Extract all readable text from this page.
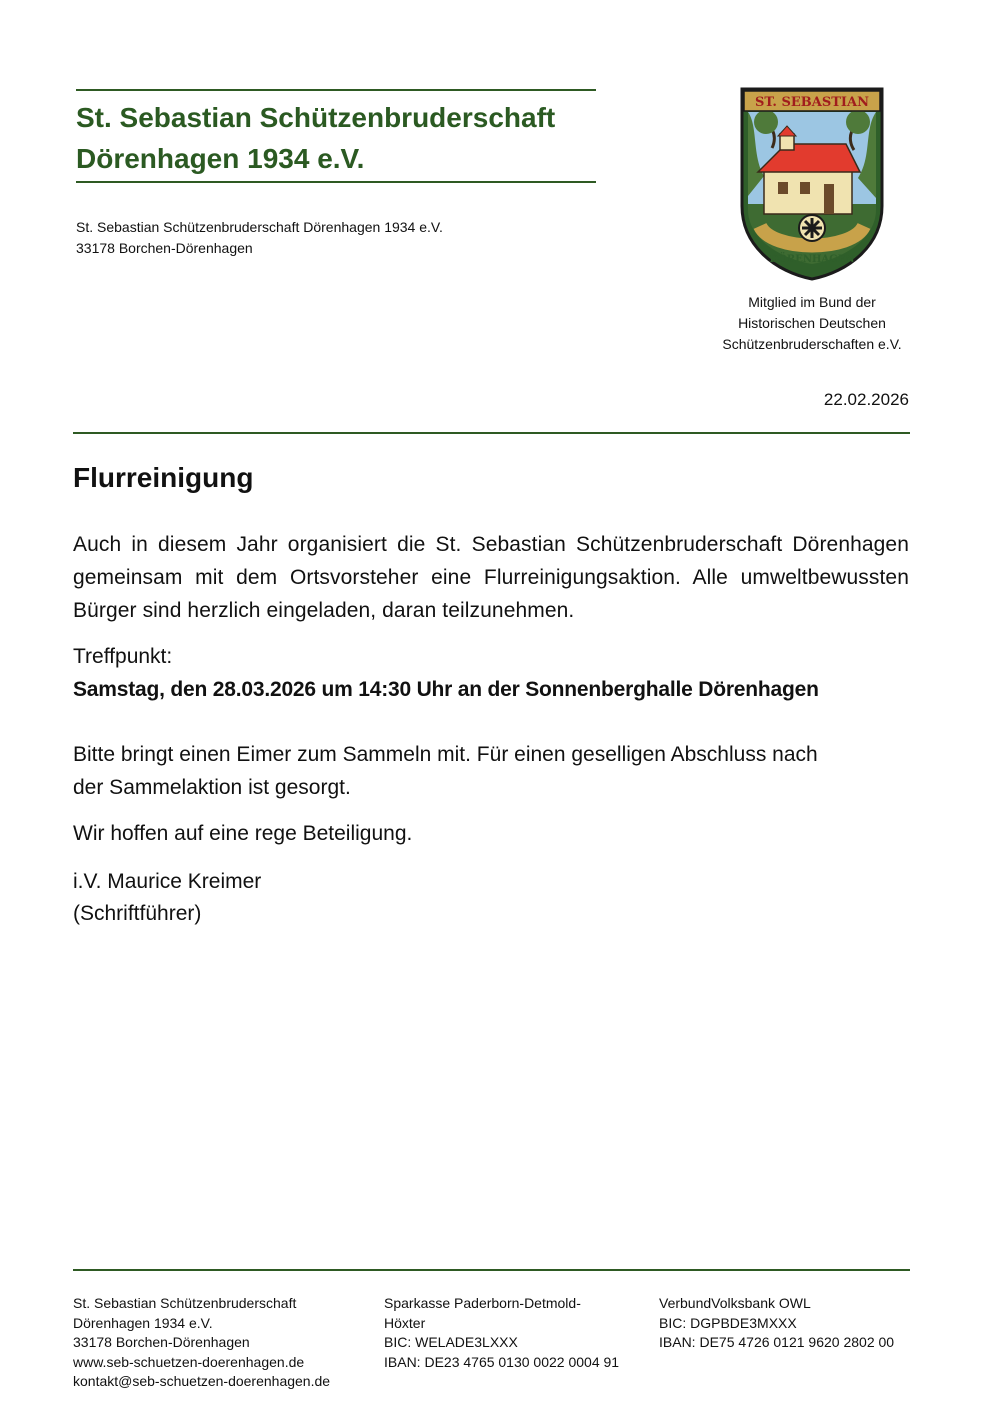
St. Sebastian Schützenbruderschaft
Dörenhagen 1934 e.V.
St. Sebastian Schützenbruderschaft Dörenhagen 1934 e.V.
33178 Borchen-Dörenhagen
ST. SEBASTIAN
DÖRENHAGEN
Mitglied im Bund der
Historischen Deutschen
Schützenbruderschaften e.V.
22.02.2026
Flurreinigung
Auch in diesem Jahr organisiert die St. Sebastian Schützenbruderschaft Dörenhagen gemeinsam mit dem Ortsvorsteher eine Flurreinigungsaktion. Alle umweltbewussten Bürger sind herzlich eingeladen, daran teilzunehmen.
Treffpunkt:
Samstag, den 28.03.2026 um 14:30 Uhr an der Sonnenberghalle Dörenhagen
Bitte bringt einen Eimer zum Sammeln mit. Für einen geselligen Abschluss nach
der Sammelaktion ist gesorgt.
Wir hoffen auf eine rege Beteiligung.
i.V. Maurice Kreimer
(Schriftführer)
St. Sebastian Schützenbruderschaft
Dörenhagen 1934 e.V.
33178 Borchen-Dörenhagen
www.seb-schuetzen-doerenhagen.de
kontakt@seb-schuetzen-doerenhagen.de
Sparkasse Paderborn-Detmold-
Höxter
BIC: WELADE3LXXX
IBAN: DE23 4765 0130 0022 0004 91
VerbundVolksbank OWL
BIC: DGPBDE3MXXX
IBAN: DE75 4726 0121 9620 2802 00
